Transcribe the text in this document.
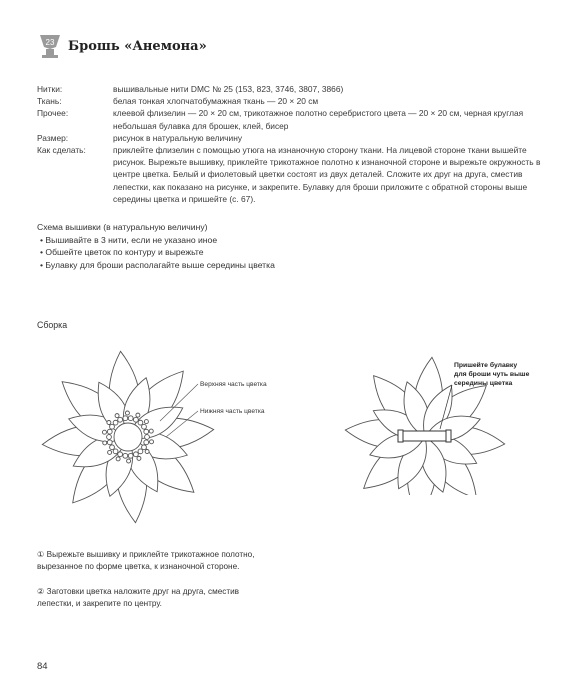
23 Брошь «Анемона»
Нитки:	вышивальные нити DMC № 25 (153, 823, 3746, 3807, 3866)
Ткань:	белая тонкая хлопчатобумажная ткань — 20 × 20 см
Прочее:	клеевой флизелин — 20 × 20 см, трикотажное полотно серебристого цвета — 20 × 20 см, черная круглая небольшая булавка для брошек, клей, бисер
Размер:	рисунок в натуральную величину
Как сделать:	приклейте флизелин с помощью утюга на изнаночную сторону ткани. На лицевой стороне ткани вышейте рисунок. Вырежьте вышивку, приклейте трикотажное полотно к изнаночной стороне и вырежьте окружность в центре цветка. Белый и фиолетовый цветки состоят из двух деталей. Сложите их друг на друга, сместив лепестки, как показано на рисунке, и закрепите. Булавку для броши приложите с обратной стороны выше середины цветка и пришейте (с. 67).
Схема вышивки (в натуральную величину)
• Вышивайте в 3 нити, если не указано иное
• Обшейте цветок по контуру и вырежьте
• Булавку для броши располагайте выше середины цветка
Сборка
Верхняя часть цветка
Нижняя часть цветка
Пришейте булавку
для броши чуть выше
середины цветка
① Вырежьте вышивку и приклейте трикотажное полотно, вырезанное по форме цветка, к изнаночной стороне.
② Заготовки цветка наложите друг на друга, сместив лепестки, и закрепите по центру.
84
